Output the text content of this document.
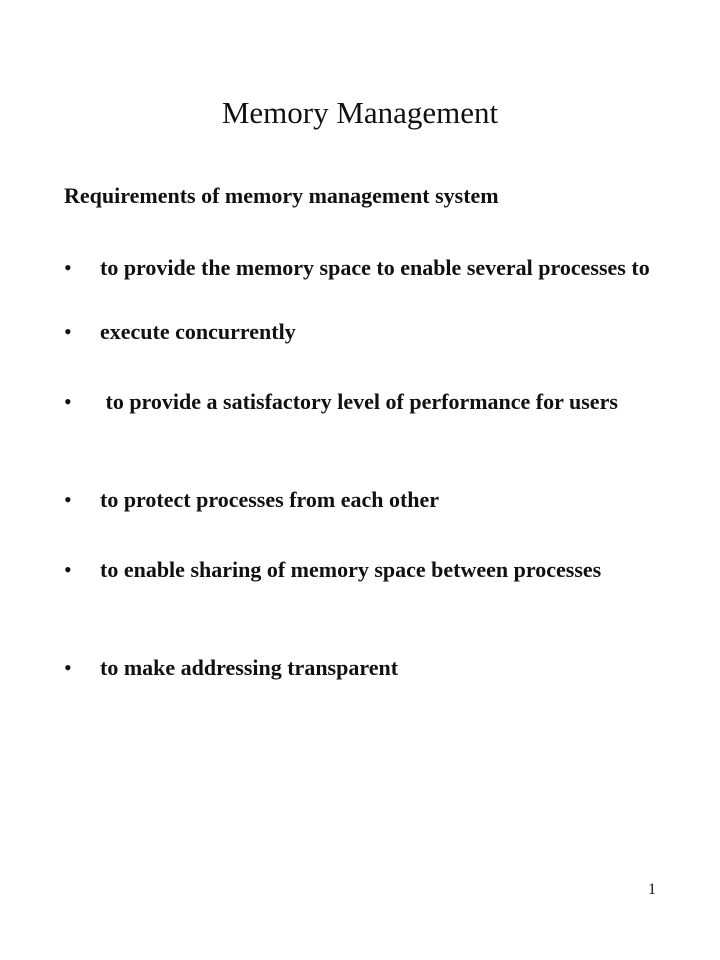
Memory Management
Requirements of memory management system
•	to provide the memory space to enable several processes to
•	execute concurrently
•	to provide a satisfactory level of performance for users
•	to protect processes from each other
•	to enable sharing of memory space between processes
•	to make addressing transparent
1
